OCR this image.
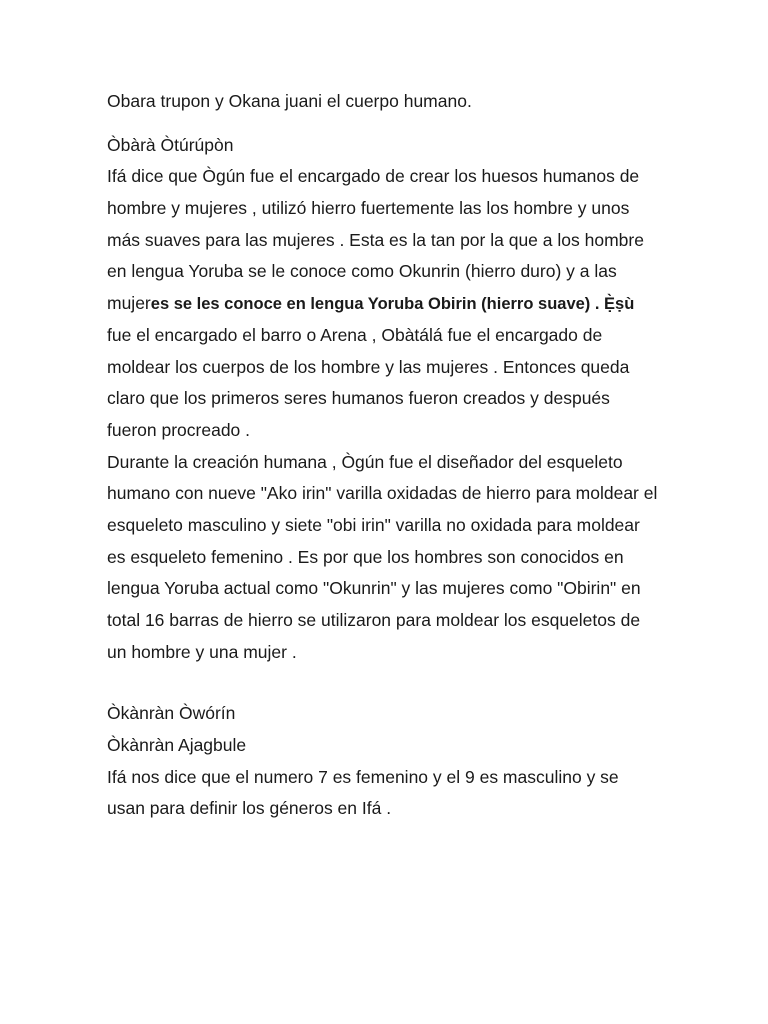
Obara trupon y Okana juani el cuerpo humano.
Òbàrà Òtúrúpòn
Ifá dice que Ògún fue el encargado de crear los huesos humanos de
hombre y mujeres , utilizó hierro fuertemente las los hombre y unos
más suaves para las mujeres . Esta es la tan por la que a los hombre
en lengua Yoruba se le conoce como Okunrin (hierro duro) y a las
mujeres se les conoce en lengua Yoruba Obirin (hierro suave) . Ẹ̀ṣù
fue el encargado el barro o Arena , Obàtálá fue el encargado de
moldear los cuerpos de los hombre y las mujeres . Entonces queda
claro que los primeros seres humanos fueron creados y después
fueron procreado .
Durante la creación humana , Ògún fue el diseñador del esqueleto
humano con nueve "Ako irin" varilla oxidadas de hierro para moldear el
esqueleto masculino y siete "obi irin" varilla no oxidada para moldear
es esqueleto femenino . Es por que los hombres son conocidos en
lengua Yoruba actual como "Okunrin" y las mujeres como "Obirin" en
total 16 barras de hierro se utilizaron para moldear los esqueletos de
un hombre y una mujer .
Òkànràn Òwórín
Òkànràn Ajagbule
Ifá nos dice que el numero 7 es femenino y el 9 es masculino y se
usan para definir los géneros en Ifá .
